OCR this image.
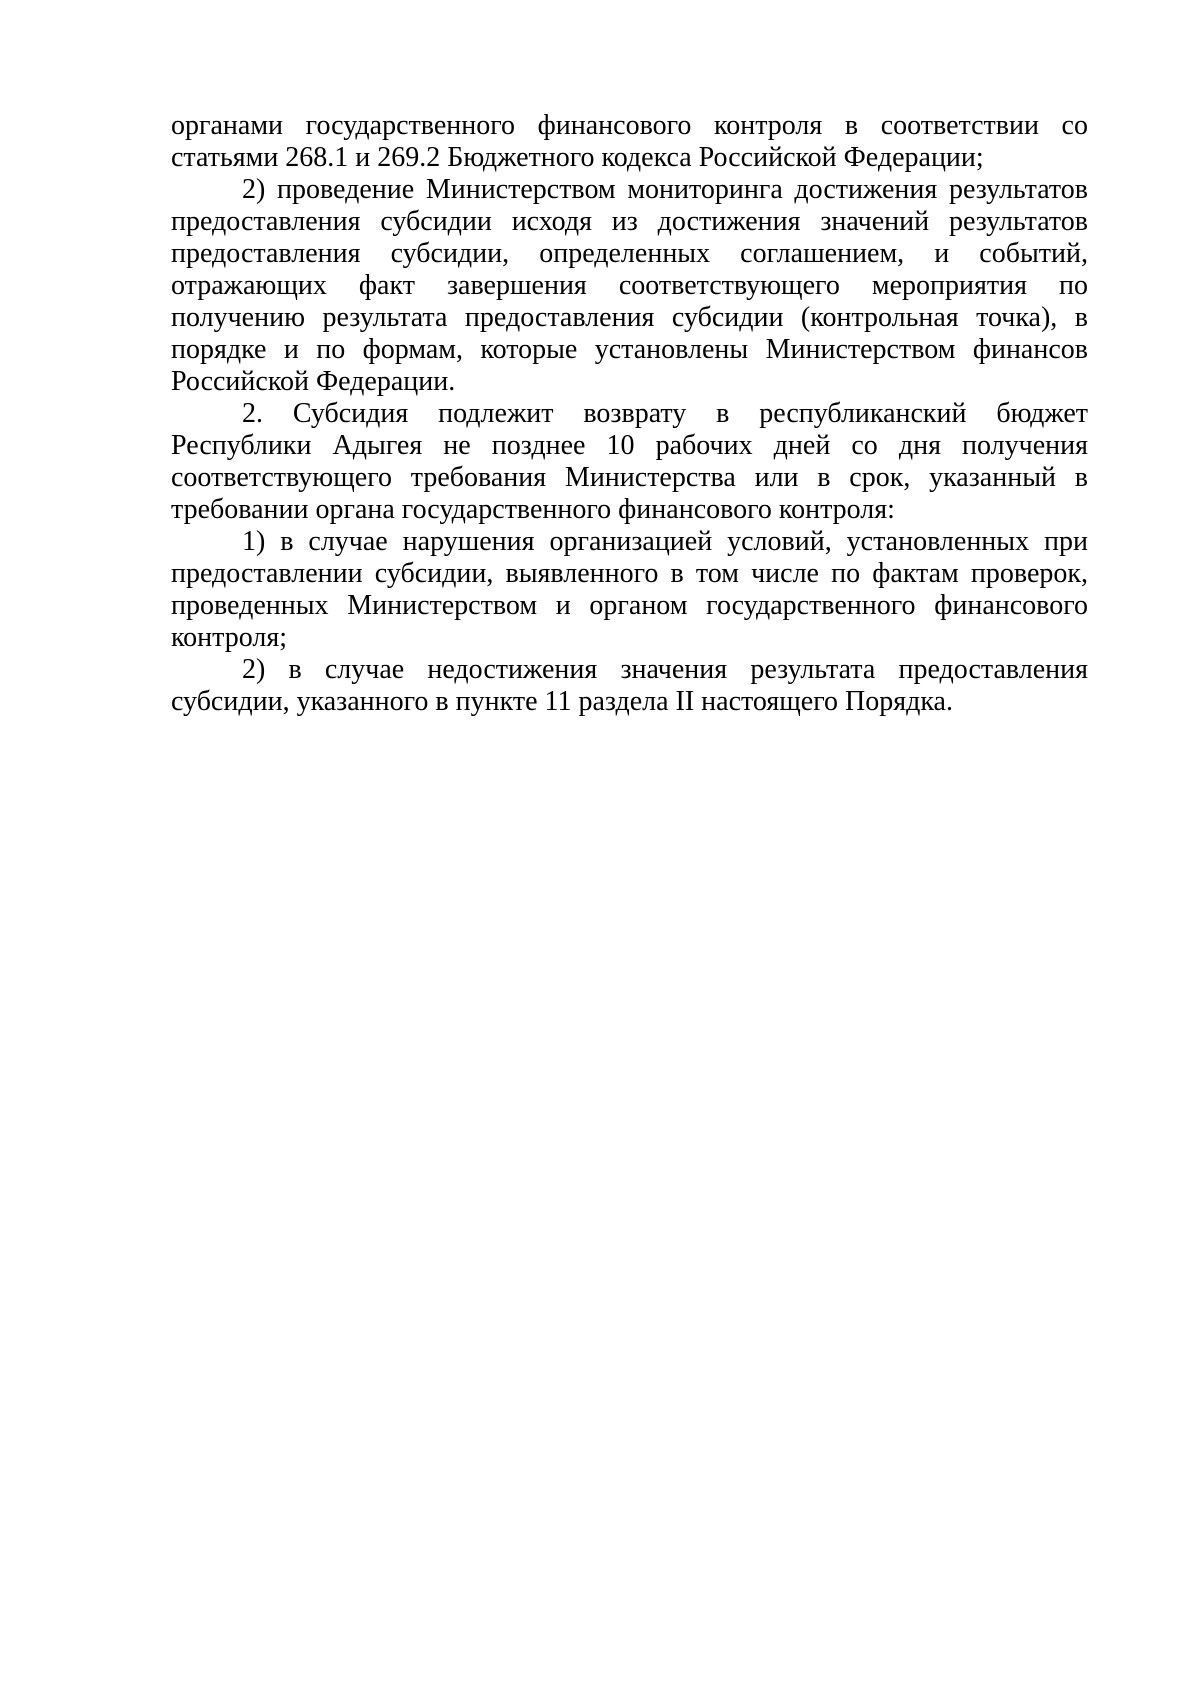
органами государственного финансового контроля в соответствии со статьями 268.1 и 269.2 Бюджетного кодекса Российской Федерации;

2) проведение Министерством мониторинга достижения результатов предоставления субсидии исходя из достижения значений результатов предоставления субсидии, определенных соглашением, и событий, отражающих факт завершения соответствующего мероприятия по получению результата предоставления субсидии (контрольная точка), в порядке и по формам, которые установлены Министерством финансов Российской Федерации.

2. Субсидия подлежит возврату в республиканский бюджет Республики Адыгея не позднее 10 рабочих дней со дня получения соответствующего требования Министерства или в срок, указанный в требовании органа государственного финансового контроля:

1) в случае нарушения организацией условий, установленных при предоставлении субсидии, выявленного в том числе по фактам проверок, проведенных Министерством и органом государственного финансового контроля;

2) в случае недостижения значения результата предоставления субсидии, указанного в пункте 11 раздела II настоящего Порядка.
